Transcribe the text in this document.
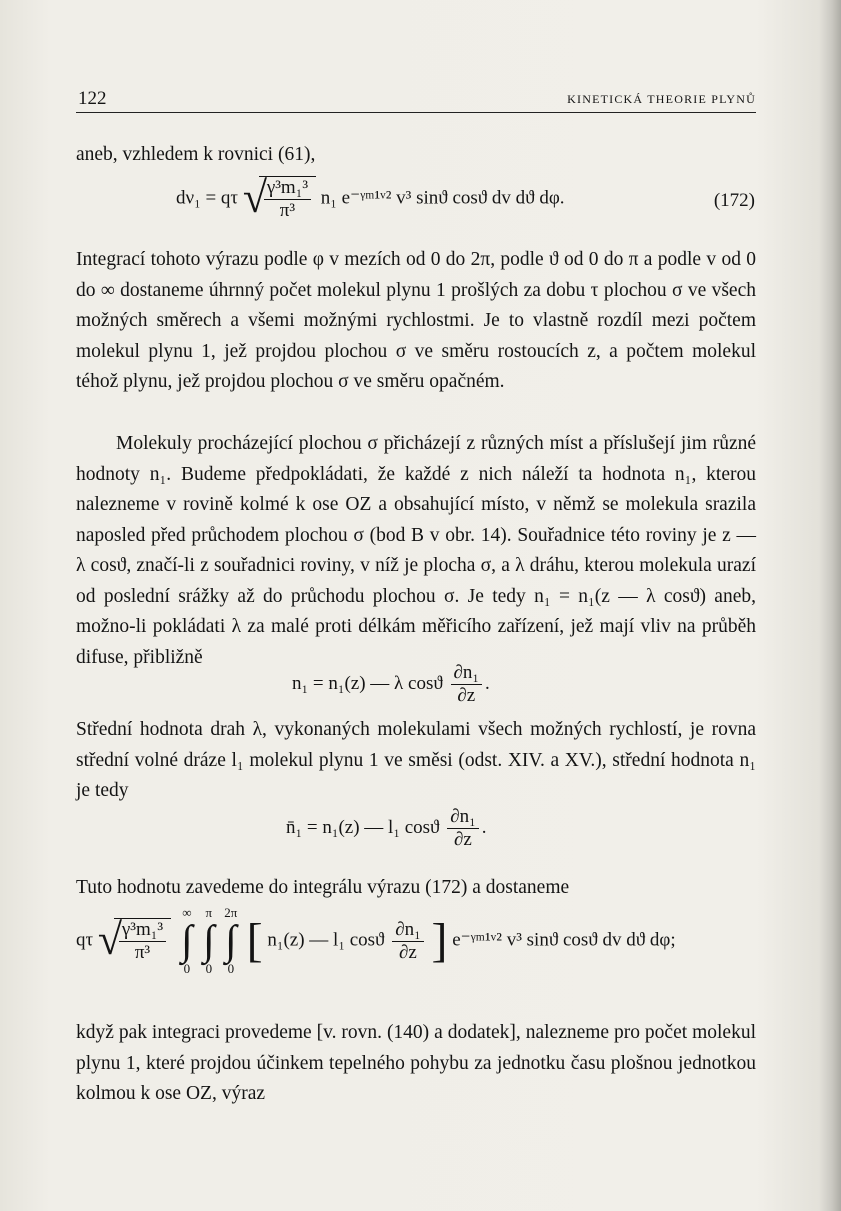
122	KINETICKÁ THEORIE PLYNŮ
aneb, vzhledem k rovnici (61),
dν₁ = qτ √
$\frac{\text{γ³m₁³}}{\text{π³}} n_1$ e⁻ᵞᵐ¹ᵛ² v³ sinϑ cosϑ dv dϑ dφ.	(172)
Integrací tohoto výrazu podle φ v mezích od 0 do 2π, podle ϑ od 0 do π a podle v od 0 do ∞ dostaneme úhrnný počet molekul plynu 1 prošlých za dobu τ plochou σ ve všech možných směrech a všemi možnými rychlostmi. Je to vlastně rozdíl mezi počtem molekul plynu 1, jež projdou plochou σ ve směru rostoucích z, a počtem molekul téhož plynu, jež projdou plochou σ ve směru opačném.
Molekuly procházející plochou σ přicházejí z různých míst a příslušejí jim různé hodnoty n₁. Budeme předpokládati, že každé z nich náleží ta hodnota n₁, kterou nalezneme v rovině kolmé k ose OZ a obsahující místo, v němž se molekula srazila naposled před průchodem plochou σ (bod B v obr. 14). Souřadnice této roviny je z — λ cosϑ, značí-li z souřadnici roviny, v níž je plocha σ, a λ dráhu, kterou molekula urazí od poslední srážky až do průchodu plochou σ. Je tedy n₁ = n₁(z — λ cosϑ) aneb, možno-li pokládati λ za malé proti délkám měřicího zařízení, jež mají vliv na průběh difuse, přibližně
n₁ = n₁(z) — λ cosϑ $\frac{\text{∂n₁}}{\partial z}$ .
Střední hodnota drah λ, vykonaných molekulami všech možných rychlostí, je rovna střední volné dráze l₁ molekul plynu 1 ve směsi (odst. XIV. a XV.), střední hodnota n₁ je tedy
n̄₁ = n₁(z) — l₁ cosϑ $\frac{\text{∂n₁}}{\partial z}$ .
Tuto hodnotu zavedeme do integrálu výrazu (172) a dostaneme
qτ √
$\frac{\text{γ³m₁³}}{\text{π³}}$

∞
∫
0
π
∫
0
2π
∫
0
[ n₁(z) — l₁ cosϑ $\frac{\text{∂n₁}}{\partial z}$ ] e⁻ᵞᵐ¹ᵛ² v³ sinϑ cosϑ dv dϑ dφ;
když pak integraci provedeme [v. rovn. (140) a dodatek], nalezneme pro počet molekul plynu 1, které projdou účinkem tepelného pohybu za jednotku času plošnou jednotkou kolmou k ose OZ, výraz
